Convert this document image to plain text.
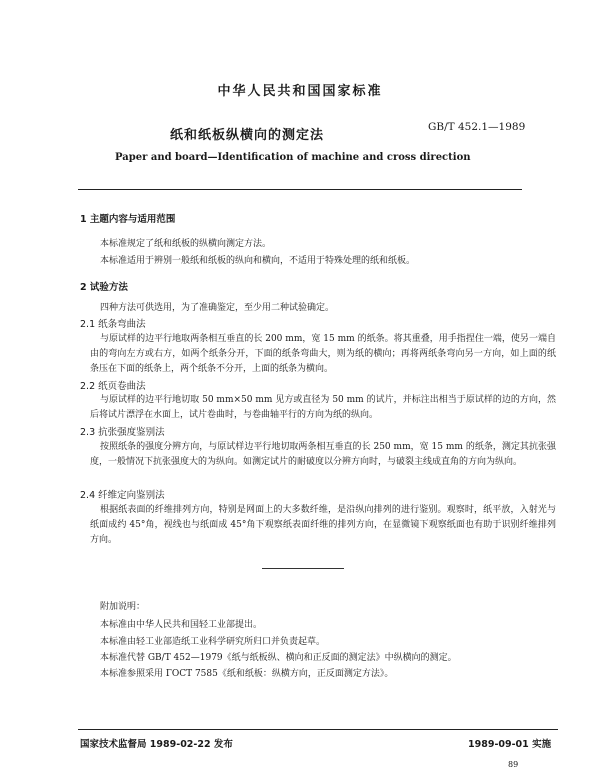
中华人民共和国国家标准
纸和纸板纵横向的测定法
GB/T 452.1—1989
Paper and board—Identification of machine and cross direction
1 主题内容与适用范围
本标准规定了纸和纸板的纵横向测定方法。
本标准适用于辨别一般纸和纸板的纵向和横向，不适用于特殊处理的纸和纸板。
2 试验方法
四种方法可供选用，为了准确鉴定，至少用二种试验确定。
2.1 纸条弯曲法
与原试样的边平行地取两条相互垂直的长 200 mm，宽 15 mm 的纸条。将其重叠，用手指捏住一端，使另一端自由的弯向左方或右方，如两个纸条分开，下面的纸条弯曲大，则为纸的横向；再将两纸条弯向另一方向，如上面的纸条压在下面的纸条上，两个纸条不分开，上面的纸条为横向。
2.2 纸页卷曲法
与原试样的边平行地切取 50 mm×50 mm 见方或直径为 50 mm 的试片，并标注出相当于原试样的边的方向，然后将试片漂浮在水面上，试片卷曲时，与卷曲轴平行的方向为纸的纵向。
2.3 抗张强度鉴别法
按照纸条的强度分辨方向，与原试样边平行地切取两条相互垂直的长 250 mm，宽 15 mm 的纸条，测定其抗张强度，一般情况下抗张强度大的为纵向。如测定试片的耐破度以分辨方向时，与破裂主线成直角的方向为纵向。
2.4 纤维定向鉴别法
根据纸表面的纤维排列方向，特别是网面上的大多数纤维，是沿纵向排列的进行鉴别。观察时，纸平放，入射光与纸面成约 45°角，视线也与纸面成 45°角下观察纸表面纤维的排列方向，在显微镜下观察纸面也有助于识别纤维排列方向。
附加说明：
本标准由中华人民共和国轻工业部提出。
本标准由轻工业部造纸工业科学研究所归口并负责起草。
本标准代替 GB/T 452—1979《纸与纸板纵、横向和正反面的测定法》中纵横向的测定。
本标准参照采用 ГОСТ 7585《纸和纸板：纵横方向，正反面测定方法》。
国家技术监督局 1989-02-22 发布	1989-09-01 实施
89
